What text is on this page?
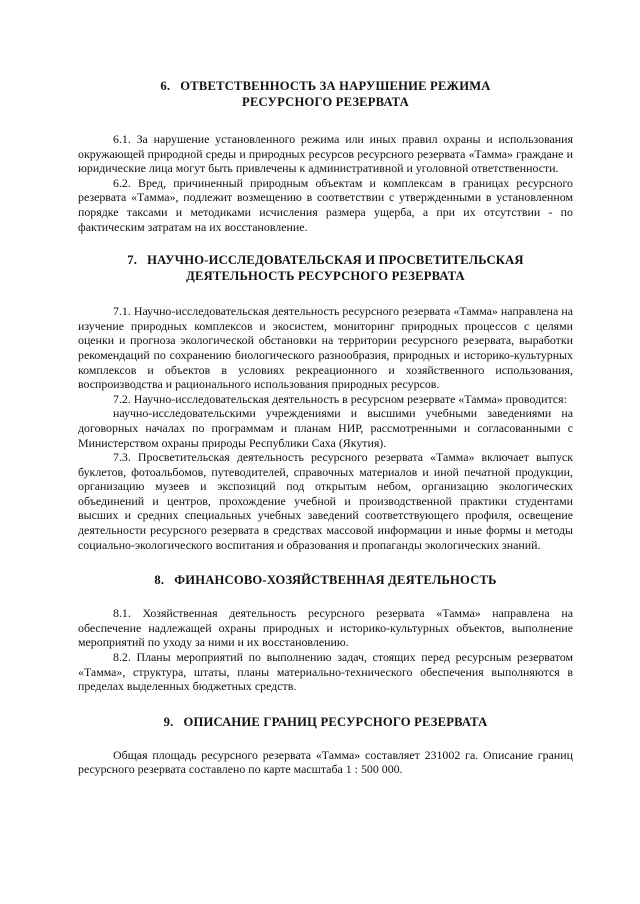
6. ОТВЕТСТВЕННОСТЬ ЗА НАРУШЕНИЕ РЕЖИМА
РЕСУРСНОГО РЕЗЕРВАТА

6.1. За нарушение установленного режима или иных правил охраны и использования окружающей природной среды и природных ресурсов ресурсного резервата «Тамма» граждане и юридические лица могут быть привлечены к административной и уголовной ответственности.

6.2. Вред, причиненный природным объектам и комплексам в границах ресурсного резервата «Тамма», подлежит возмещению в соответствии с утвержденными в установленном порядке таксами и методиками исчисления размера ущерба, а при их отсутствии - по фактическим затратам на их восстановление.

7. НАУЧНО-ИССЛЕДОВАТЕЛЬСКАЯ И ПРОСВЕТИТЕЛЬСКАЯ
ДЕЯТЕЛЬНОСТЬ РЕСУРСНОГО РЕЗЕРВАТА

7.1. Научно-исследовательская деятельность ресурсного резервата «Тамма» направлена на изучение природных комплексов и экосистем, мониторинг природных процессов с целями оценки и прогноза экологической обстановки на территории ресурсного резервата, выработки рекомендаций по сохранению биологического разнообразия, природных и историко-культурных комплексов и объектов в условиях рекреационного и хозяйственного использования, воспроизводства и рационального использования природных ресурсов.

7.2. Научно-исследовательская деятельность в ресурсном резервате «Тамма» проводится:

научно-исследовательскими учреждениями и высшими учебными заведениями на договорных началах по программам и планам НИР, рассмотренными и согласованными с Министерством охраны природы Республики Саха (Якутия).

7.3. Просветительская деятельность ресурсного резервата «Тамма» включает выпуск буклетов, фотоальбомов, путеводителей, справочных материалов и иной печатной продукции, организацию музеев и экспозиций под открытым небом, организацию экологических объединений и центров, прохождение учебной и производственной практики студентами высших и средних специальных учебных заведений соответствующего профиля, освещение деятельности ресурсного резервата в средствах массовой информации и иные формы и методы социально-экологического воспитания и образования и пропаганды экологических знаний.

8. ФИНАНСОВО-ХОЗЯЙСТВЕННАЯ ДЕЯТЕЛЬНОСТЬ

8.1. Хозяйственная деятельность ресурсного резервата «Тамма» направлена на обеспечение надлежащей охраны природных и историко-культурных объектов, выполнение мероприятий по уходу за ними и их восстановлению.

8.2. Планы мероприятий по выполнению задач, стоящих перед ресурсным резерватом «Тамма», структура, штаты, планы материально-технического обеспечения выполняются в пределах выделенных бюджетных средств.

9. ОПИСАНИЕ ГРАНИЦ РЕСУРСНОГО РЕЗЕРВАТА

Общая площадь ресурсного резервата «Тамма» составляет 231002 га. Описание границ ресурсного резервата составлено по карте масштаба 1 : 500 000.
